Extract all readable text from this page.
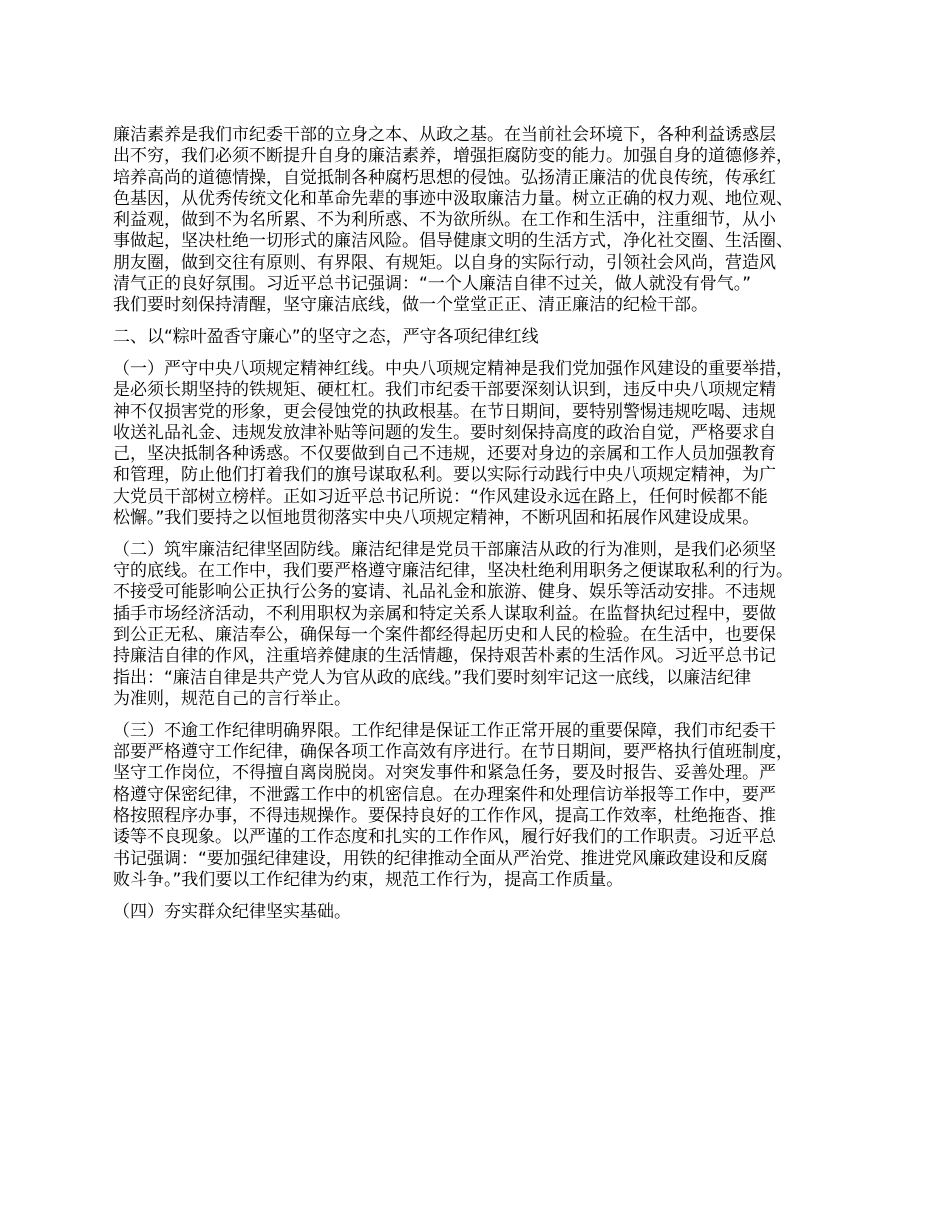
廉洁素养是我们市纪委干部的立身之本、从政之基。在当前社会环境下，各种利益诱惑层
出不穷，我们必须不断提升自身的廉洁素养，增强拒腐防变的能力。加强自身的道德修养，
培养高尚的道德情操，自觉抵制各种腐朽思想的侵蚀。弘扬清正廉洁的优良传统，传承红
色基因，从优秀传统文化和革命先辈的事迹中汲取廉洁力量。树立正确的权力观、地位观、
利益观，做到不为名所累、不为利所惑、不为欲所纵。在工作和生活中，注重细节，从小
事做起，坚决杜绝一切形式的廉洁风险。倡导健康文明的生活方式，净化社交圈、生活圈、
朋友圈，做到交往有原则、有界限、有规矩。以自身的实际行动，引领社会风尚，营造风
清气正的良好氛围。习近平总书记强调：“一个人廉洁自律不过关，做人就没有骨气。”
我们要时刻保持清醒，坚守廉洁底线，做一个堂堂正正、清正廉洁的纪检干部。
二、以“粽叶盈香守廉心”的坚守之态，严守各项纪律红线
（一）严守中央八项规定精神红线。中央八项规定精神是我们党加强作风建设的重要举措，
是必须长期坚持的铁规矩、硬杠杠。我们市纪委干部要深刻认识到，违反中央八项规定精
神不仅损害党的形象，更会侵蚀党的执政根基。在节日期间，要特别警惕违规吃喝、违规
收送礼品礼金、违规发放津补贴等问题的发生。要时刻保持高度的政治自觉，严格要求自
己，坚决抵制各种诱惑。不仅要做到自己不违规，还要对身边的亲属和工作人员加强教育
和管理，防止他们打着我们的旗号谋取私利。要以实际行动践行中央八项规定精神，为广
大党员干部树立榜样。正如习近平总书记所说：“作风建设永远在路上，任何时候都不能
松懈。”我们要持之以恒地贯彻落实中央八项规定精神，不断巩固和拓展作风建设成果。
（二）筑牢廉洁纪律坚固防线。廉洁纪律是党员干部廉洁从政的行为准则，是我们必须坚
守的底线。在工作中，我们要严格遵守廉洁纪律，坚决杜绝利用职务之便谋取私利的行为。
不接受可能影响公正执行公务的宴请、礼品礼金和旅游、健身、娱乐等活动安排。不违规
插手市场经济活动，不利用职权为亲属和特定关系人谋取利益。在监督执纪过程中，要做
到公正无私、廉洁奉公，确保每一个案件都经得起历史和人民的检验。在生活中，也要保
持廉洁自律的作风，注重培养健康的生活情趣，保持艰苦朴素的生活作风。习近平总书记
指出：“廉洁自律是共产党人为官从政的底线。”我们要时刻牢记这一底线，以廉洁纪律
为准则，规范自己的言行举止。
（三）不逾工作纪律明确界限。工作纪律是保证工作正常开展的重要保障，我们市纪委干
部要严格遵守工作纪律，确保各项工作高效有序进行。在节日期间，要严格执行值班制度，
坚守工作岗位，不得擅自离岗脱岗。对突发事件和紧急任务，要及时报告、妥善处理。严
格遵守保密纪律，不泄露工作中的机密信息。在办理案件和处理信访举报等工作中，要严
格按照程序办事，不得违规操作。要保持良好的工作作风，提高工作效率，杜绝拖沓、推
诿等不良现象。以严谨的工作态度和扎实的工作作风，履行好我们的工作职责。习近平总
书记强调：“要加强纪律建设，用铁的纪律推动全面从严治党、推进党风廉政建设和反腐
败斗争。”我们要以工作纪律为约束，规范工作行为，提高工作质量。
（四）夯实群众纪律坚实基础。
